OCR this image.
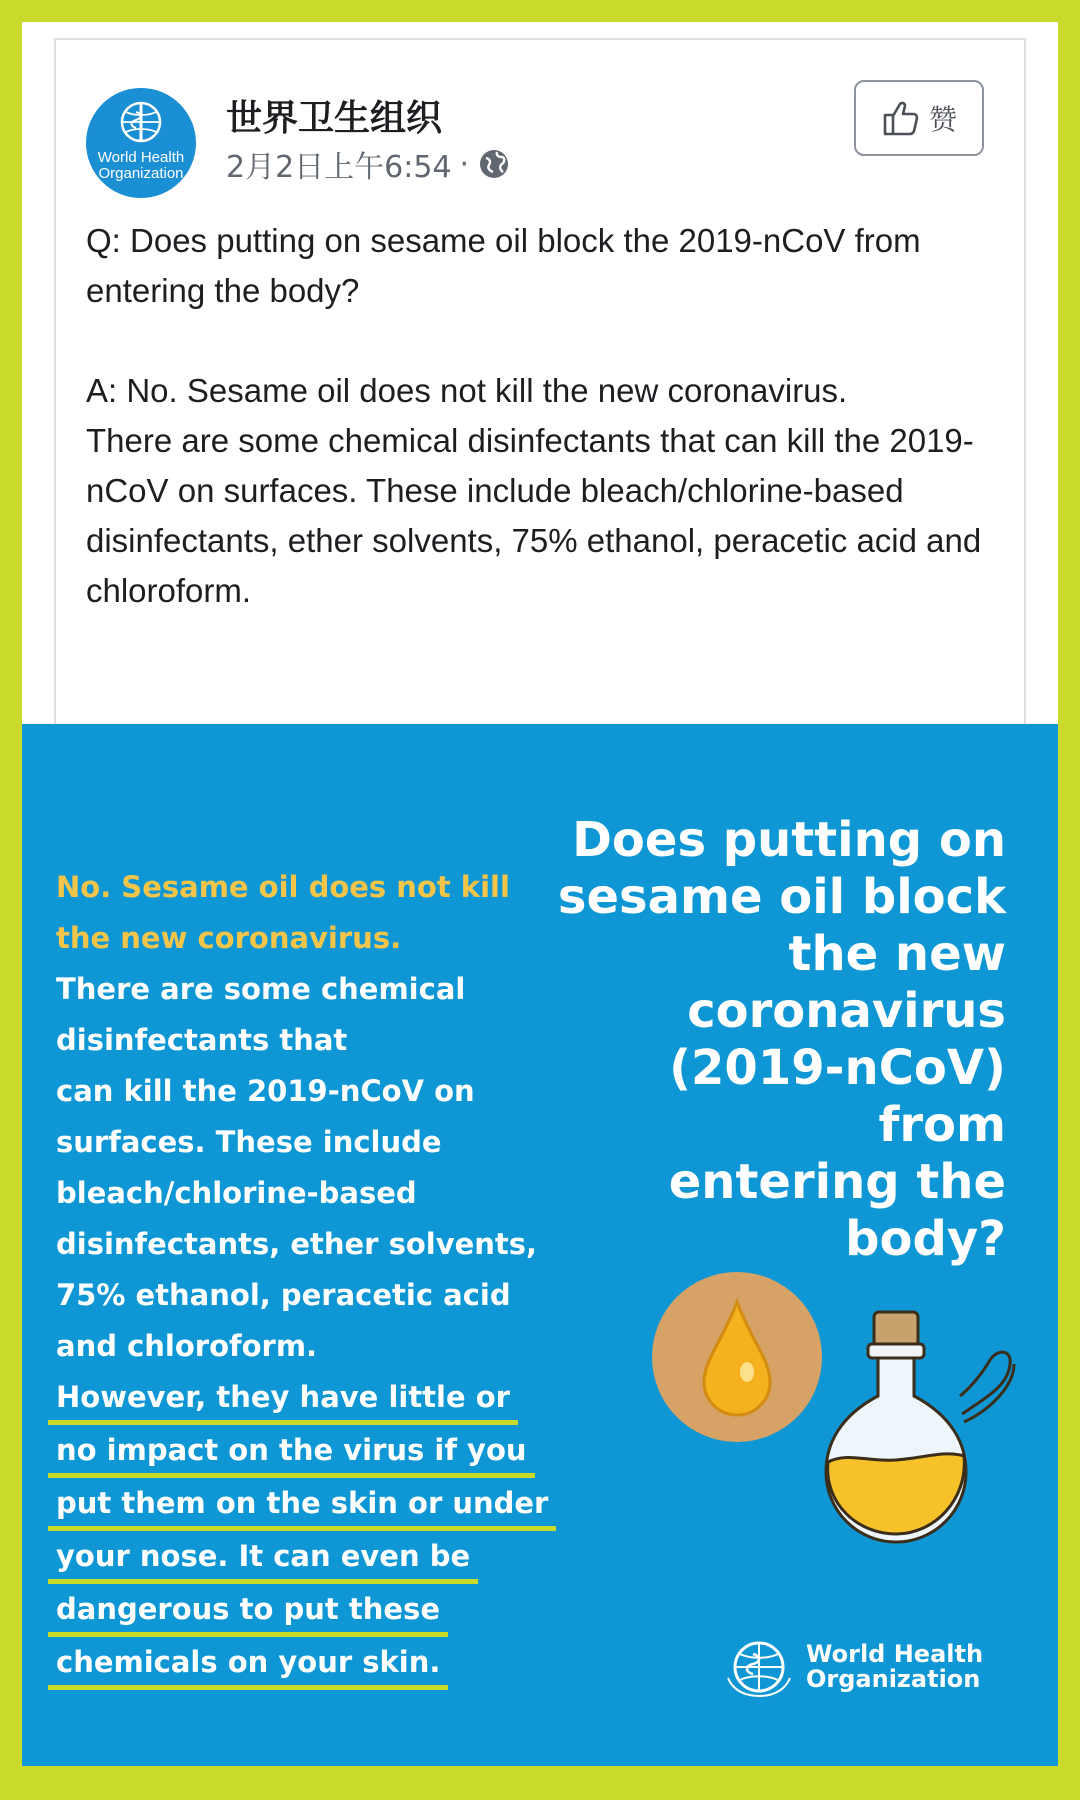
World Health
Organization
世界卫生组织
2月2日上午6:54 ·
赞

Q: Does putting on sesame oil block the 2019-nCoV from entering the body?

A: No. Sesame oil does not kill the new coronavirus.

There are some chemical disinfectants that can kill the 2019-nCoV on surfaces. These include bleach/chlorine-based disinfectants, ether solvents, 75% ethanol, peracetic acid and chloroform.

Does putting on
sesame oil block
the new
coronavirus
(2019-nCoV) from
entering the
body?
No. Sesame oil does not kill
the new coronavirus.
There are some chemical
disinfectants that
can kill the 2019-nCoV on
surfaces. These include
bleach/chlorine-based
disinfectants, ether solvents,
75% ethanol, peracetic acid
and chloroform.
However, they have little or
no impact on the virus if you
put them on the skin or under
your nose. It can even be
dangerous to put these
chemicals on your skin.	World Health
Organization
